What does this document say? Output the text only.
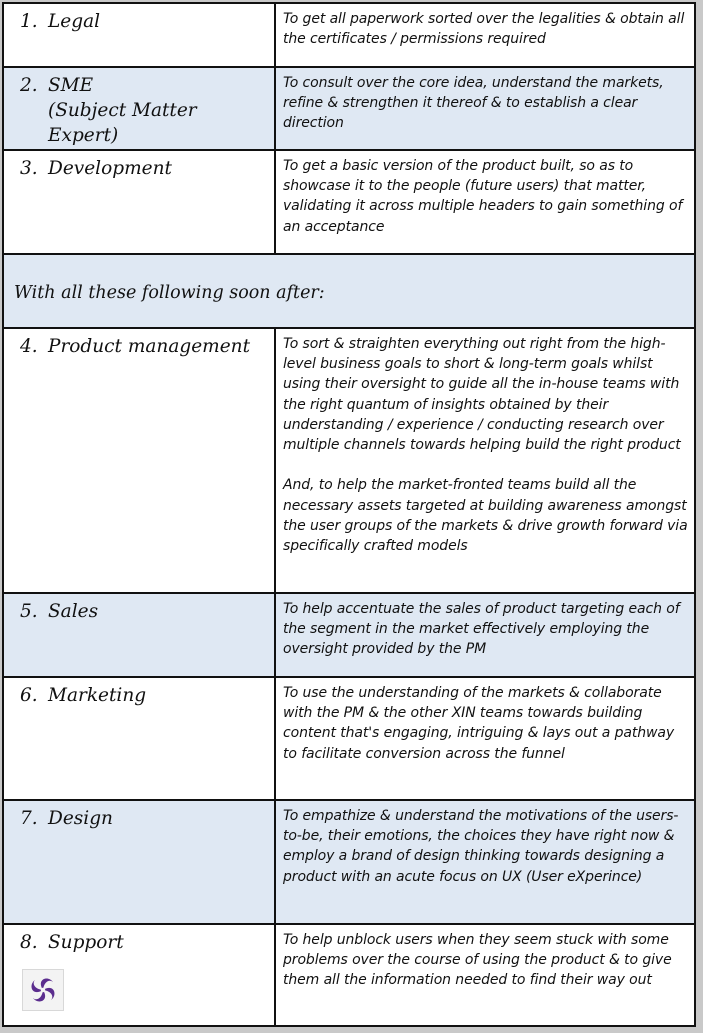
1. Legal	To get all paperwork sorted over the legalities & obtain all the certificates / permissions required

2. SME
(Subject Matter
Expert)	To consult over the core idea, understand the markets, refine & strengthen it thereof & to establish a clear direction

3. Development	To get a basic version of the product built, so as to showcase it to the people (future users) that matter, validating it across multiple headers to gain something of an acceptance

With all these following soon after:	

4. Product management	To sort & straighten everything out right from the high-level business goals to short & long-term goals whilst using their oversight to guide all the in-house teams with the right quantum of insights obtained by their understanding / experience / conducting research over multiple channels towards helping build the right product

And, to help the market-fronted teams build all the necessary assets targeted at building awareness amongst the user groups of the markets & drive growth forward via specifically crafted models

5. Sales	To help accentuate the sales of product targeting each of the segment in the market effectively employing the oversight provided by the PM

6. Marketing	To use the understanding of the markets & collaborate with the PM & the other XIN teams towards building content that's engaging, intriguing & lays out a pathway to facilitate conversion across the funnel

7. Design	To empathize & understand the motivations of the users-to-be, their emotions, the choices they have right now & employ a brand of design thinking towards designing a product with an acute focus on UX (User eXperince)

8. Support	To help unblock users when they seem stuck with some problems over the course of using the product & to give them all the information needed to find their way out
